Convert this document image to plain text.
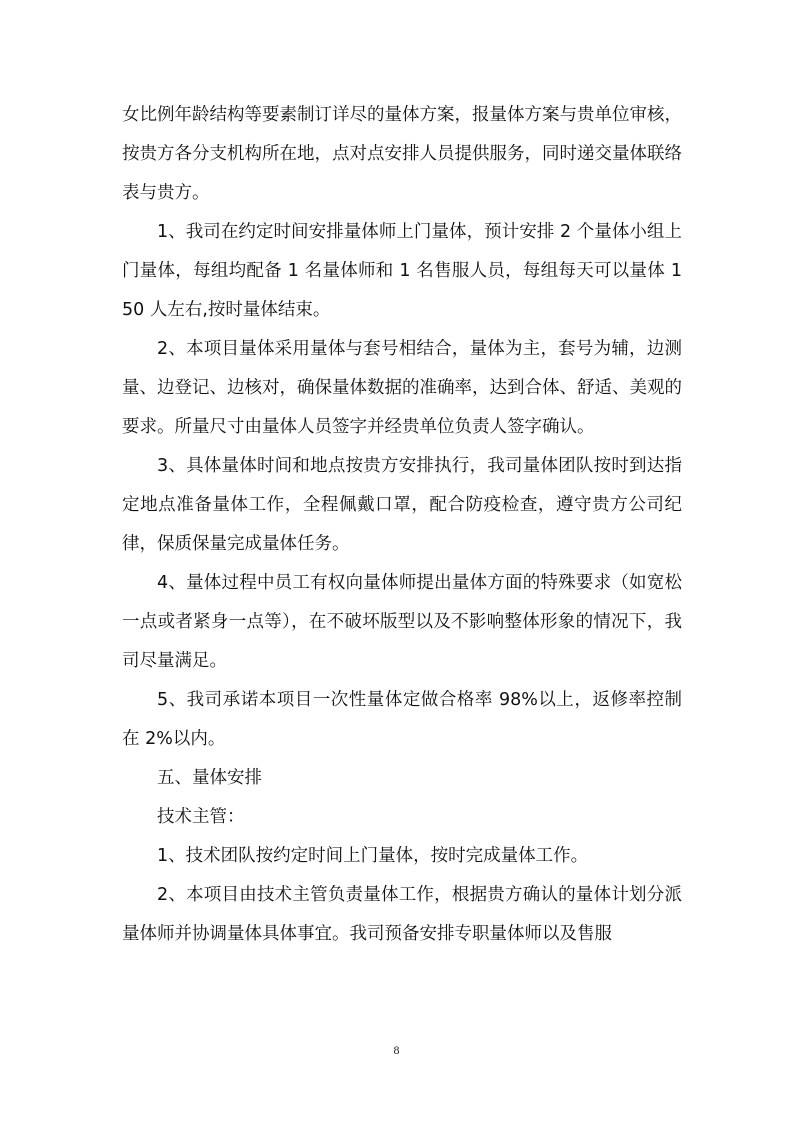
女比例年龄结构等要素制订详尽的量体方案，报量体方案与贵单位审核，按贵方各分支机构所在地，点对点安排人员提供服务，同时递交量体联络表与贵方。

1、我司在约定时间安排量体师上门量体，预计安排 2 个量体小组上门量体，每组均配备 1 名量体师和 1 名售服人员，每组每天可以量体 150 人左右,按时量体结束。

2、本项目量体采用量体与套号相结合，量体为主，套号为辅，边测量、边登记、边核对，确保量体数据的准确率，达到合体、舒适、美观的要求。所量尺寸由量体人员签字并经贵单位负责人签字确认。

3、具体量体时间和地点按贵方安排执行，我司量体团队按时到达指定地点准备量体工作，全程佩戴口罩，配合防疫检查，遵守贵方公司纪律，保质保量完成量体任务。

4、量体过程中员工有权向量体师提出量体方面的特殊要求（如宽松一点或者紧身一点等），在不破坏版型以及不影响整体形象的情况下，我司尽量满足。

5、我司承诺本项目一次性量体定做合格率 98%以上，返修率控制在 2%以内。

五、量体安排

技术主管：

1、技术团队按约定时间上门量体，按时完成量体工作。

2、本项目由技术主管负责量体工作，根据贵方确认的量体计划分派量体师并协调量体具体事宜。我司预备安排专职量体师以及售服

8
